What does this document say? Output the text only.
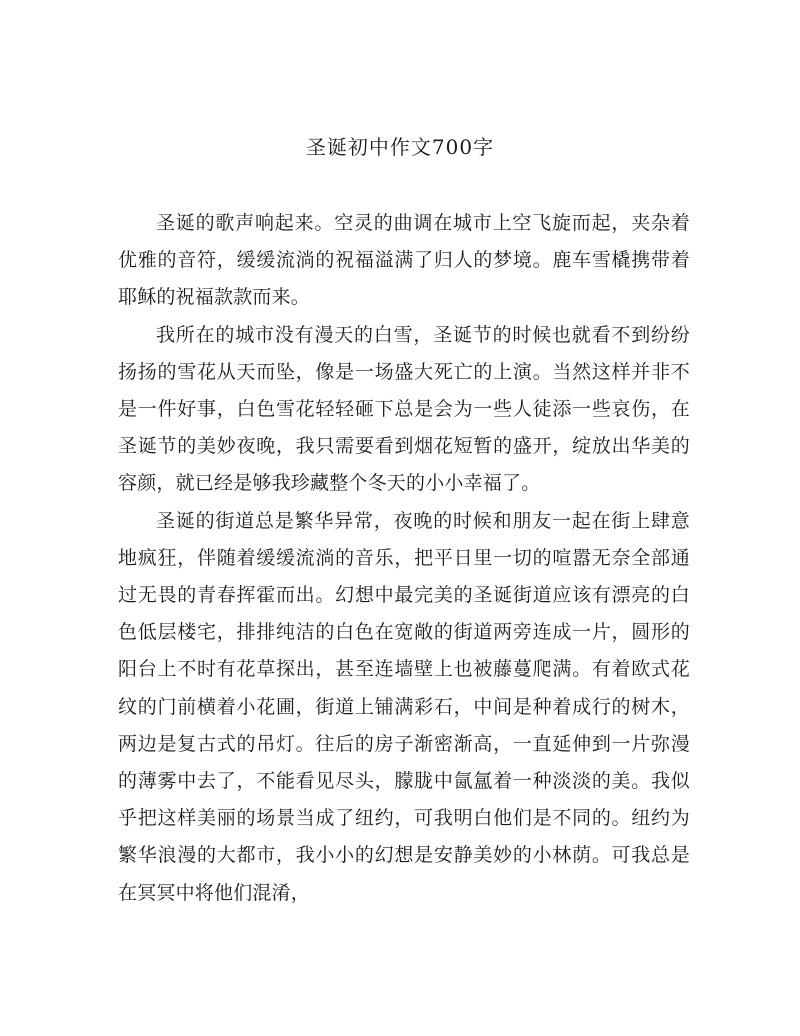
圣诞初中作文700字

圣诞的歌声响起来。空灵的曲调在城市上空飞旋而起，夹杂着优雅的音符，缓缓流淌的祝福溢满了归人的梦境。鹿车雪橇携带着耶稣的祝福款款而来。

我所在的城市没有漫天的白雪，圣诞节的时候也就看不到纷纷扬扬的雪花从天而坠，像是一场盛大死亡的上演。当然这样并非不是一件好事，白色雪花轻轻砸下总是会为一些人徒添一些哀伤，在圣诞节的美妙夜晚，我只需要看到烟花短暂的盛开，绽放出华美的容颜，就已经是够我珍藏整个冬天的小小幸福了。

圣诞的街道总是繁华异常，夜晚的时候和朋友一起在街上肆意地疯狂，伴随着缓缓流淌的音乐，把平日里一切的喧嚣无奈全部通过无畏的青春挥霍而出。幻想中最完美的圣诞街道应该有漂亮的白色低层楼宅，排排纯洁的白色在宽敞的街道两旁连成一片，圆形的阳台上不时有花草探出，甚至连墙壁上也被藤蔓爬满。有着欧式花纹的门前横着小花圃，街道上铺满彩石，中间是种着成行的树木，两边是复古式的吊灯。往后的房子渐密渐高，一直延伸到一片弥漫的薄雾中去了，不能看见尽头，朦胧中氤氲着一种淡淡的美。我似乎把这样美丽的场景当成了纽约，可我明白他们是不同的。纽约为繁华浪漫的大都市，我小小的幻想是安静美妙的小林荫。可我总是在冥冥中将他们混淆，
